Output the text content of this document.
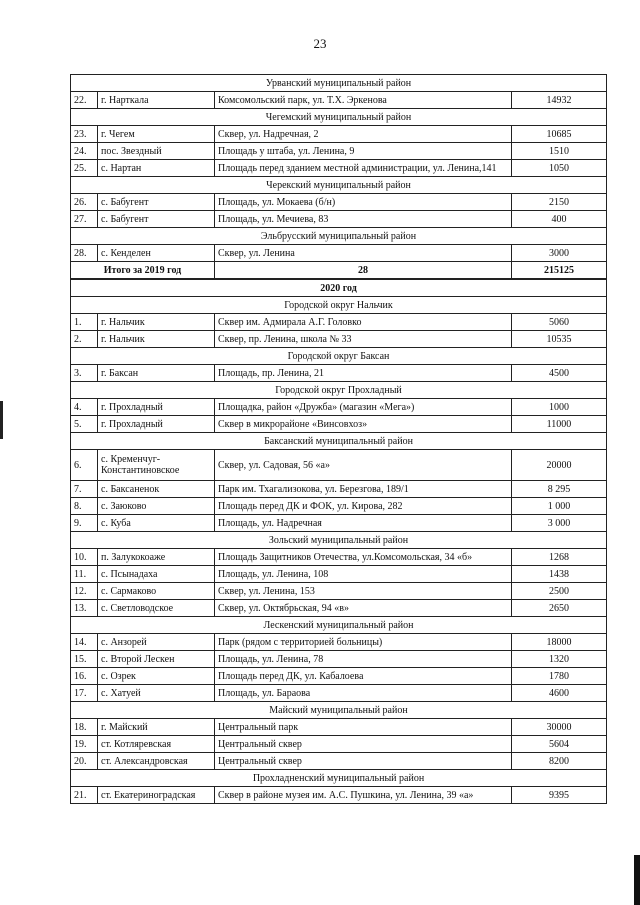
23
Урванский муниципальный район			
22.	г. Нарткала	Комсомольский парк, ул. Т.Х. Эркенова	14932
Чегемский муниципальный район			
23.	г. Чегем	Сквер, ул. Надречная, 2	10685
24.	пос. Звездный	Площадь у штаба, ул. Ленина, 9	1510
25.	с. Нартан	Площадь перед зданием местной администрации, ул. Ленина,141	1050
Черекский муниципальный район			
26.	с. Бабугент	Площадь, ул. Мокаева (б/н)	2150
27.	с. Бабугент	Площадь, ул. Мечиева, 83	400
Эльбрусский муниципальный район			
28.	с. Кенделен	Сквер, ул. Ленина	3000
Итого за 2019 год		28	215125
2020 год			
Городской округ Нальчик			
1.	г. Нальчик	Сквер им. Адмирала А.Г. Головко	5060
2.	г. Нальчик	Сквер, пр. Ленина, школа № 33	10535
Городской округ Баксан			
3.	г. Баксан	Площадь, пр. Ленина, 21	4500
Городской округ Прохладный			
4.	г. Прохладный	Площадка, район «Дружба» (магазин «Мега»)	1000
5.	г. Прохладный	Сквер в микрорайоне «Винсовхоз»	11000
Баксанский муниципальный район			
6.	с. Кременчуг-Константиновское	Сквер, ул. Садовая, 56 «а»	20000
7.	с. Баксаненок	Парк им. Тхагализокова, ул. Березгова, 189/1	8 295
8.	с. Заюково	Площадь перед ДК и ФОК, ул. Кирова, 282	1 000
9.	с. Куба	Площадь, ул. Надречная	3 000
Зольский муниципальный район			
10.	п. Залукокоаже	Площадь Защитников Отечества, ул.Комсомольская, 34 «б»	1268
11.	с. Псынадаха	Площадь, ул. Ленина, 108	1438
12.	с. Сармаково	Сквер, ул. Ленина, 153	2500
13.	с. Светловодское	Сквер, ул. Октябрьская, 94 «в»	2650
Лескенский муниципальный район			
14.	с. Анзорей	Парк (рядом с территорией больницы)	18000
15.	с. Второй Лескен	Площадь, ул. Ленина, 78	1320
16.	с. Озрек	Площадь перед ДК, ул. Кабалоева	1780
17.	с. Хатуей	Площадь, ул. Бараова	4600
Майский муниципальный район			
18.	г. Майский	Центральный парк	30000
19.	ст. Котляревская	Центральный сквер	5604
20.	ст. Александровская	Центральный сквер	8200
Прохладненский муниципальный район			
21.	ст. Екатериноградская	Сквер в районе музея им. А.С. Пушкина, ул. Ленина, 39 «а»	9395
